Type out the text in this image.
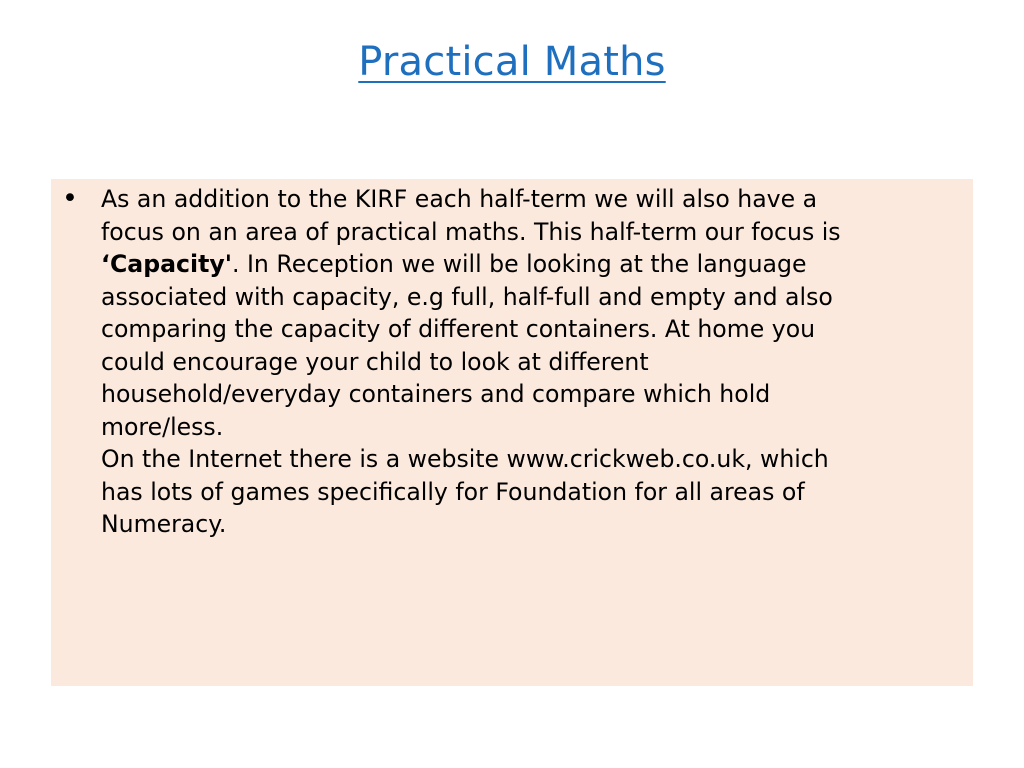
Practical Maths
• As an addition to the KIRF each half-term we will also have a
focus on an area of practical maths. This half-term our focus is
‘Capacity'. In Reception we will be looking at the language
associated with capacity, e.g full, half-full and empty and also
comparing the capacity of different containers. At home you
could encourage your child to look at different
household/everyday containers and compare which hold
more/less.
On the Internet there is a website www.crickweb.co.uk, which
has lots of games specifically for Foundation for all areas of
Numeracy.
